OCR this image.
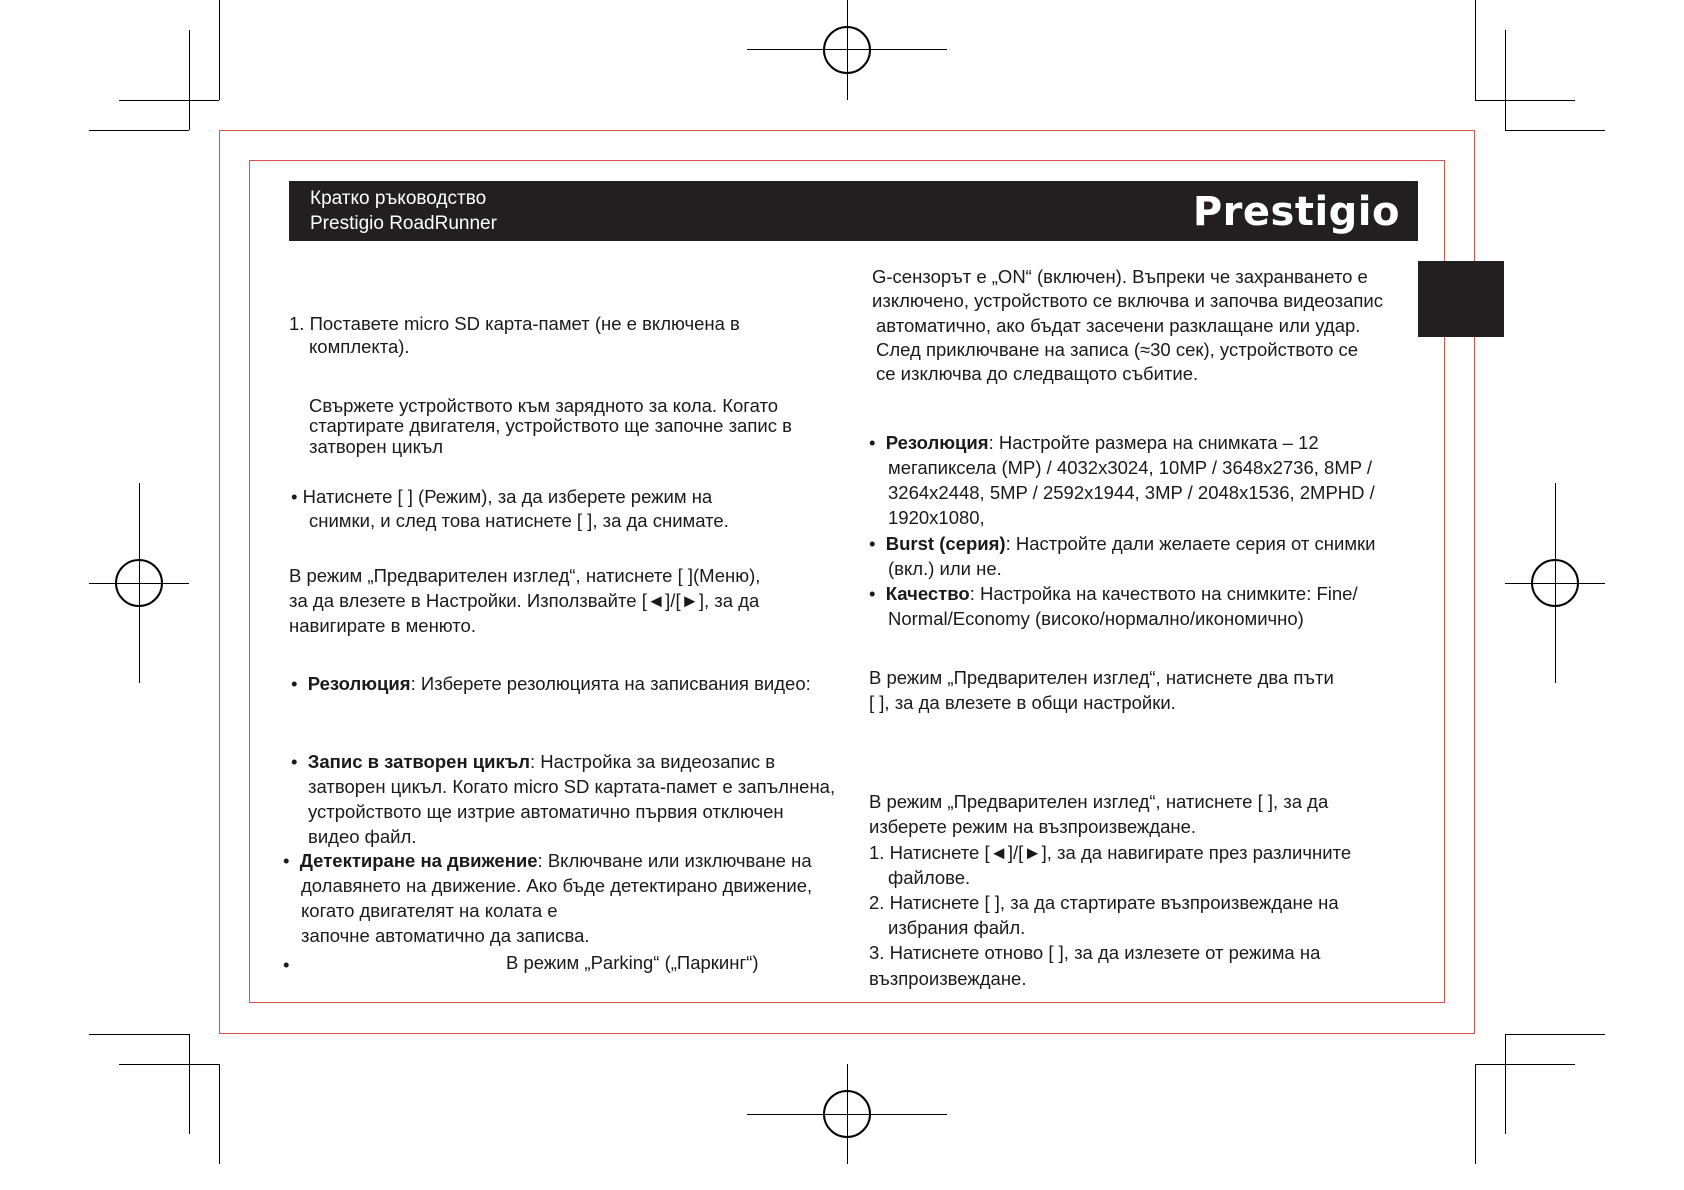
Кратко ръководство
Prestigio RoadRunner	Prestigio
1. Поставете micro SD карта-памет (не е включена в
комплекта).
Свържете устройството към зарядното за кола. Когато
стартирате двигателя, устройството ще започне запис в
затворен цикъл
• Натиснете [ ] (Режим), за да изберете режим на
снимки, и след това натиснете [ ], за да снимате.
В режим „Предварителен изглед“, натиснете [ ](Меню),
за да влезете в Настройки. Използвайте [◄]/[►], за да
навигирате в менюто.
•  Резолюция: Изберете резолюцията на записвания видео:
•  Запис в затворен цикъл: Настройка за видеозапис в
затворен цикъл. Когато micro SD картата-памет е запълнена,
устройството ще изтрие автоматично първия отключен
видео файл.
•  Детектиране на движение: Включване или изключване на
долавянето на движение. Ако бъде детектирано движение,
когато двигателят на колата е
започне автоматично да записва.
•	В режим „Parking“ („Паркинг“)
G-сензорът е „ON“ (включен). Въпреки че захранването е
изключено, устройството се включва и започва видеозапис
автоматично, ако бъдат засечени разклащане или удар.
След приключване на записа (≈30 сек), устройството се
се изключва до следващото събитие.
•  Резолюция: Настройте размера на снимката – 12
мегапиксела (MP) / 4032x3024, 10MP / 3648x2736, 8MP /
3264x2448, 5MP / 2592x1944, 3MP / 2048x1536, 2MPHD /
1920x1080,
•  Burst (серия): Настройте дали желаете серия от снимки
(вкл.) или не.
•  Качество: Настройка на качеството на снимките: Fine/
Normal/Economy (високо/нормално/икономично)
В режим „Предварителен изглед“, натиснете два пъти
[ ], за да влезете в общи настройки.
В режим „Предварителен изглед“, натиснете [ ], за да
изберете режим на възпроизвеждане.
1. Натиснете [◄]/[►], за да навигирате през различните
файлове.
2. Натиснете [ ], за да стартирате възпроизвеждане на
избрания файл.
3. Натиснете отново [ ], за да излезете от режима на
възпроизвеждане.
